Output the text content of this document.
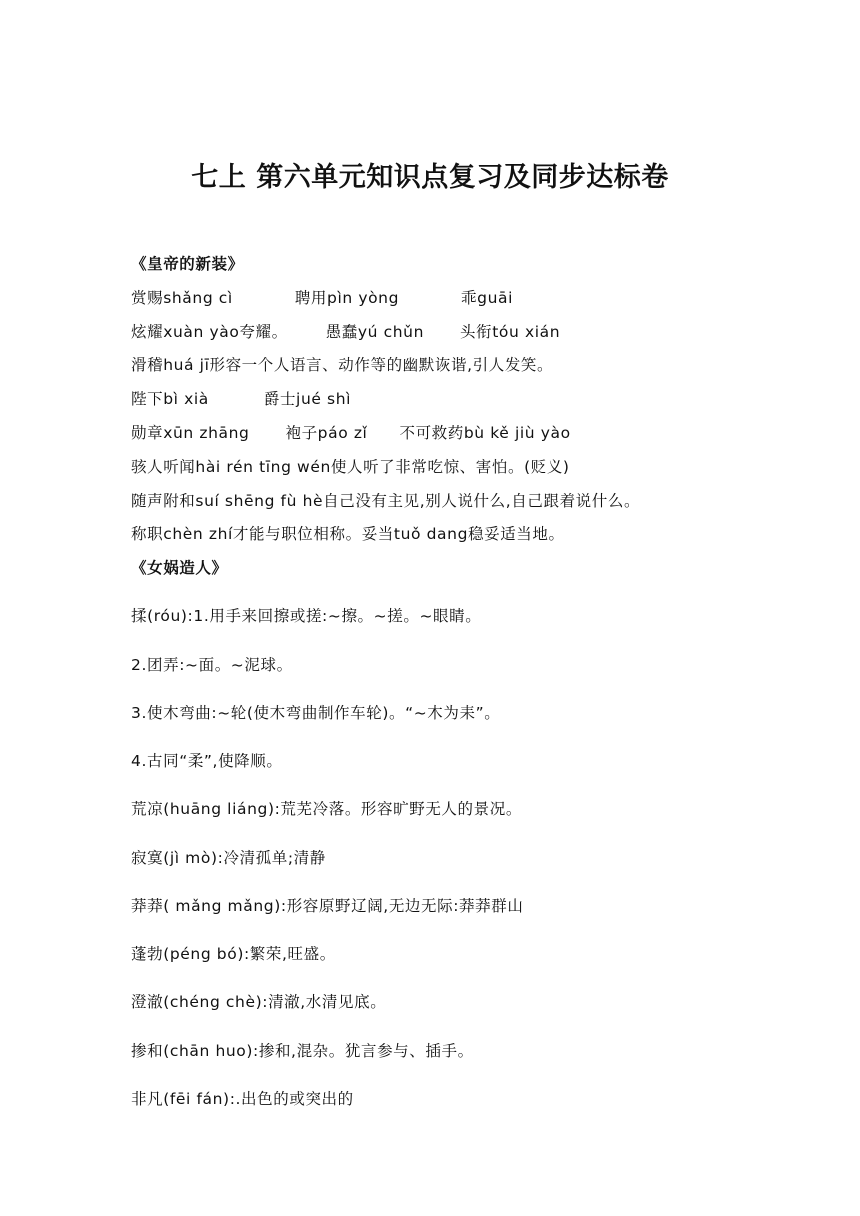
七上 第六单元知识点复习及同步达标卷
《皇帝的新装》
赏赐shǎng cì	聘用pìn yòng	乖guāi
炫耀xuàn yào夸耀。 愚蠢yú chǔn 头衔tóu xián
滑稽huá jī形容一个人语言、动作等的幽默诙谐,引人发笑。
陛下bì xià	爵士jué shì
勋章xūn zhāng 袍子páo zǐ 不可救药bù kě jiù yào
骇人听闻hài rén tīng wén使人听了非常吃惊、害怕。(贬义)
随声附和suí shēng fù hè自己没有主见,别人说什么,自己跟着说什么。
称职chèn zhí才能与职位相称。妥当tuǒ dang稳妥适当地。
《女娲造人》
揉(róu):1.用手来回擦或搓:~擦。~搓。~眼睛。
2.团弄:~面。~泥球。
3.使木弯曲:~轮(使木弯曲制作车轮)。“~木为耒”。
4.古同“柔”,使降顺。
荒凉(huāng liáng):荒芜冷落。形容旷野无人的景况。
寂寞(jì mò):冷清孤单;清静
莽莽( mǎng mǎng):形容原野辽阔,无边无际:莽莽群山
蓬勃(péng bó):繁荣,旺盛。
澄澈(chéng chè):清澈,水清见底。
掺和(chān huo):掺和,混杂。犹言参与、插手。
非凡(fēi fán):.出色的或突出的
